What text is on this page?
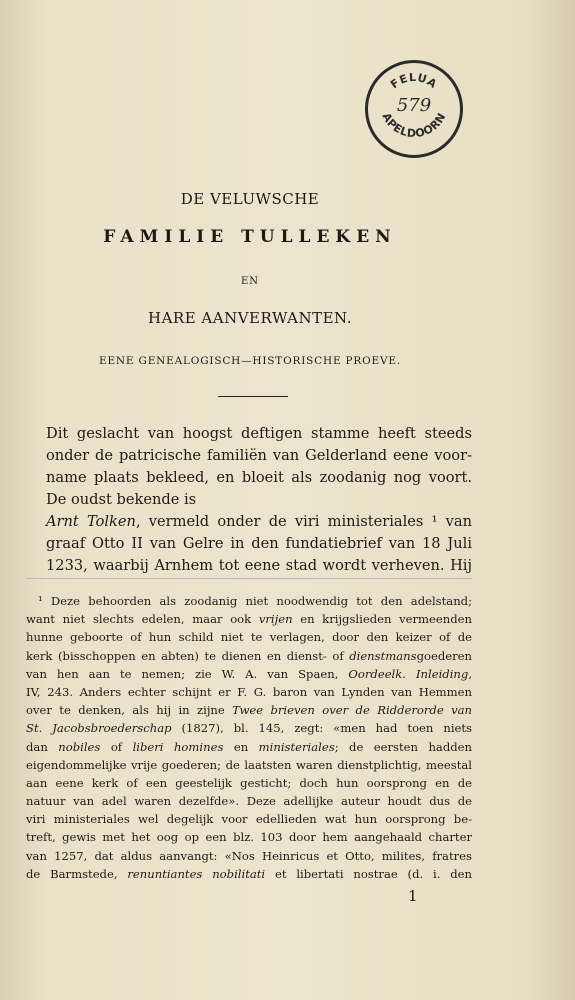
FELUA
APELDOORN
579
DE VELUWSCHE
FAMILIE TULLEKEN
EN
HARE AANVERWANTEN.
EENE GENEALOGISCH—HISTORISCHE PROEVE.
Dit geslacht van hoogst deftigen stamme heeft steeds
onder de patricische familiën van Gelderland eene voor-
name plaats bekleed, en bloeit als zoodanig nog voort.
De oudst bekende is
Arnt Tolken, vermeld onder de viri ministeriales ¹ van
graaf Otto II van Gelre in den fundatiebrief van 18 Juli
1233, waarbij Arnhem tot eene stad wordt verheven. Hij
¹ Deze behoorden als zoodanig niet noodwendig tot den adelstand;
want niet slechts edelen, maar ook vrijen en krijgslieden vermeenden
hunne geboorte of hun schild niet te verlagen, door den keizer of de
kerk (bisschoppen en abten) te dienen en dienst- of dienstmansgoederen
van hen aan te nemen; zie W. A. van Spaen, Oordeelk. Inleiding,
IV, 243. Anders echter schijnt er F. G. baron van Lynden van Hemmen
over te denken, als hij in zijne Twee brieven over de Ridderorde van
St. Jacobsbroederschap (1827), bl. 145, zegt: «men had toen niets
dan nobiles of liberi homines en ministeriales; de eersten hadden
eigendommelijke vrije goederen; de laatsten waren dienstplichtig, meestal
aan eene kerk of een geestelijk gesticht; doch hun oorsprong en de
natuur van adel waren dezelfde». Deze adellijke auteur houdt dus de
viri ministeriales wel degelijk voor edellieden wat hun oorsprong be-
treft, gewis met het oog op een blz. 103 door hem aangehaald charter
van 1257, dat aldus aanvangt: «Nos Heinricus et Otto, milites, fratres
de Barmstede, renuntiantes nobilitati et libertati nostrae (d. i. den
1
